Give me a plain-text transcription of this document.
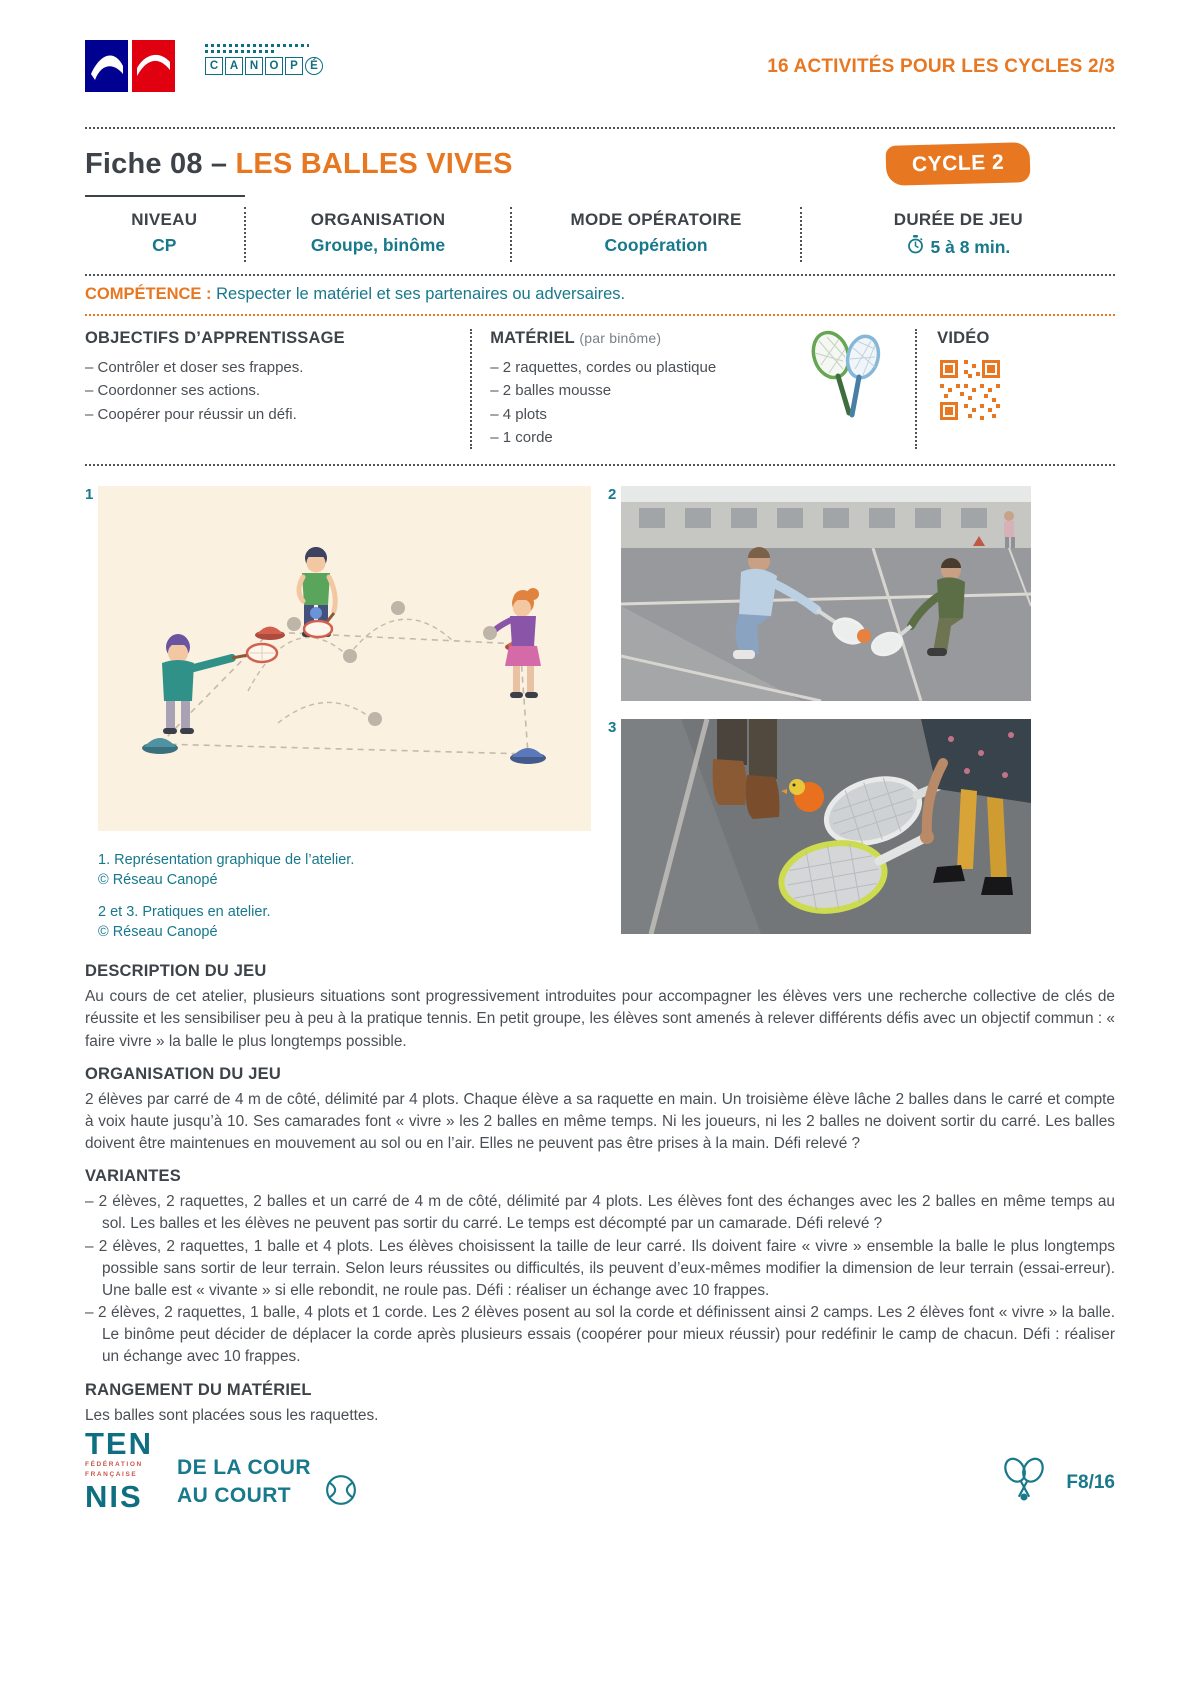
C	A	N O	P	É	16 ACTIVITÉS POUR LES CYCLES 2/3
Fiche 08 – LES BALLES VIVES	CYCLE 2
NIVEAU
CP
ORGANISATION
Groupe, binôme
MODE OPÉRATOIRE
Coopération
DURÉE DE JEU
5 à 8 min.
COMPÉTENCE : Respecter le matériel et ses partenaires ou adversaires.
OBJECTIFS D’APPRENTISSAGE
– Contrôler et doser ses frappes.
– Coordonner ses actions.
– Coopérer pour réussir un défi.
MATÉRIEL (par binôme)
– 2 raquettes, cordes ou plastique
– 2 balles mousse
– 4 plots
– 1 corde
VIDÉO
1
1. Représentation graphique de l’atelier.
© Réseau Canopé
2 et 3. Pratiques en atelier.
© Réseau Canopé
2
3
DESCRIPTION DU JEU

Au cours de cet atelier, plusieurs situations sont progressivement introduites pour accompagner les élèves vers une recherche collective de clés de réussite et les sensibiliser peu à peu à la pratique tennis. En petit groupe, les élèves sont amenés à relever différents défis avec un objectif commun : « faire vivre » la balle le plus longtemps possible.

ORGANISATION DU JEU

2 élèves par carré de 4 m de côté, délimité par 4 plots. Chaque élève a sa raquette en main. Un troisième élève lâche 2 balles dans le carré et compte à voix haute jusqu’à 10. Ses camarades font « vivre » les 2 balles en même temps. Ni les joueurs, ni les 2 balles ne doivent sortir du carré. Les balles doivent être maintenues en mouvement au sol ou en l’air. Elles ne peuvent pas être prises à la main. Défi relevé ?

VARIANTES

– 2 élèves, 2 raquettes, 2 balles et un carré de 4 m de côté, délimité par 4 plots. Les élèves font des échanges avec les 2 balles en même temps au sol. Les balles et les élèves ne peuvent pas sortir du carré. Le temps est décompté par un camarade. Défi relevé ?

– 2 élèves, 2 raquettes, 1 balle et 4 plots. Les élèves choisissent la taille de leur carré. Ils doivent faire « vivre » ensemble la balle le plus longtemps possible sans sortir de leur terrain. Selon leurs réussites ou difficultés, ils peuvent d’eux-mêmes modifier la dimension de leur terrain (essai-erreur). Une balle est « vivante » si elle rebondit, ne roule pas. Défi : réaliser un échange avec 10 frappes.

– 2 élèves, 2 raquettes, 1 balle, 4 plots et 1 corde. Les 2 élèves posent au sol la corde et définissent ainsi 2 camps. Les 2 élèves font « vivre » la balle. Le binôme peut décider de déplacer la corde après plusieurs essais (coopérer pour mieux réussir) pour redéfinir le camp de chacun. Défi : réaliser un échange avec 10 frappes.

RANGEMENT DU MATÉRIEL

Les balles sont placées sous les raquettes.

TEN
FÉDÉRATION
FRANÇAISE
NIS
DE LA COUR
AU COURT
F8/16
